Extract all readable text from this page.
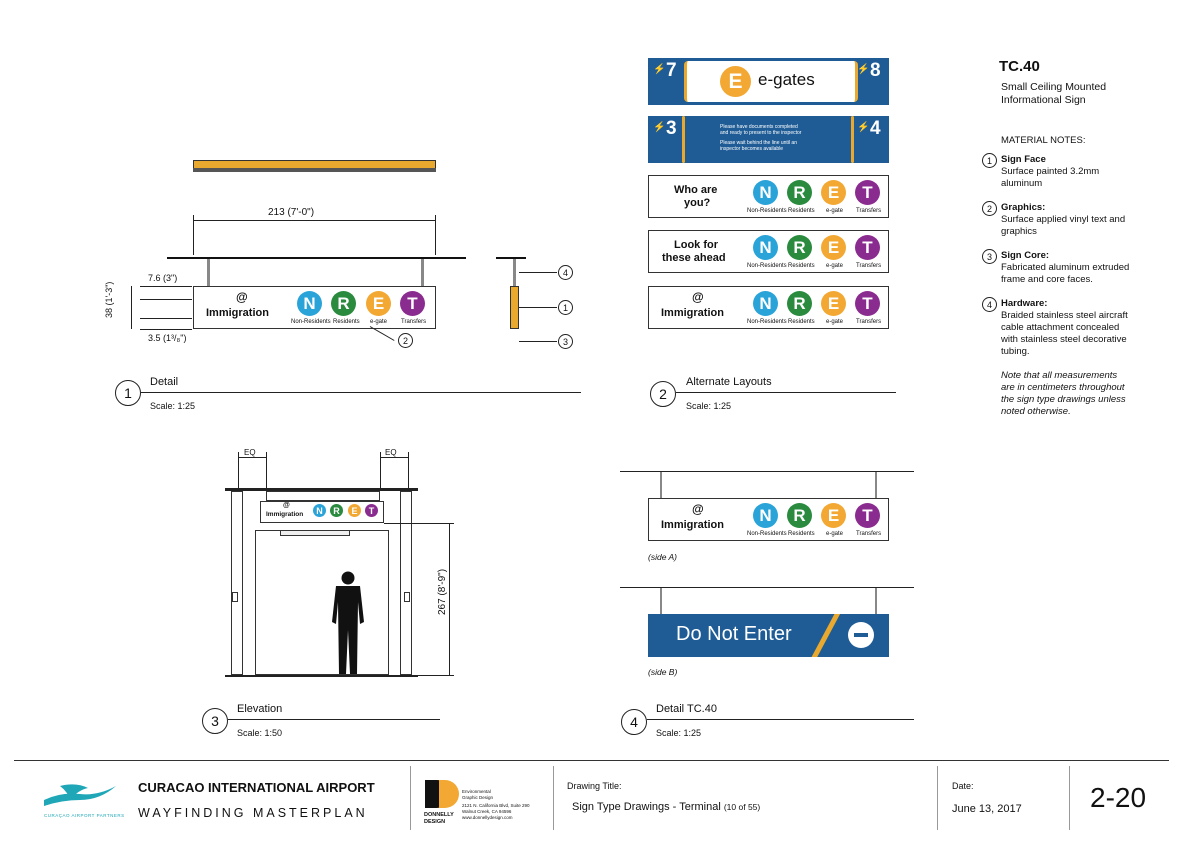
213 (7'-0")
@
Immigration
N	R	E	T
Non-Residents Residents e-gate Transfers
38 (1'-3")
7.6 (3")
3.5 (1³/₈")	2
4
1
3
1
Detail
Scale: 1:25
⚡ 7	⚡ 8
E e-gates
⚡ 3	⚡ 4
Please have documents completed
and ready to present to the inspector
Please wait behind the line until an
inspector becomes available
Who are
you?
N	R	E	T
Non-Residents Residents e-gate Transfers
Look for
these ahead
N	R	E	T
Non-Residents Residents e-gate Transfers
@
Immigration
N	R	E	T
Non-Residents Residents e-gate Transfers
2
Alternate Layouts
Scale: 1:25
TC.40
Small Ceiling Mounted
Informational Sign
MATERIAL NOTES:
1 Sign Face
Surface painted 3.2mm
aluminum
2 Graphics:
Surface applied vinyl text and
graphics
3 Sign Core:
Fabricated aluminum extruded
frame and core faces.
4 Hardware:
Braided stainless steel aircraft
cable attachment concealed
with stainless steel decorative
tubing.
Note that all measurements
are in centimeters throughout
the sign type drawings unless
noted otherwise.
EQ	EQ
@
Immigration	N	R	E	T
267 (8'-9")
3
Elevation
Scale: 1:50
@
Immigration
N	R	E	T
Non-Residents Residents e-gate Transfers
(side A)
Do Not Enter
(side B)
4
Detail TC.40
Scale: 1:25
CURAÇAO AIRPORT PARTNERS
CURACAO INTERNATIONAL AIRPORT
WAYFINDING MASTERPLAN	DONNELLY
DESIGN
Environmental
Graphic Design
2121 N. California Blvd, Suite 290
Walnut Creek, CA 94596
www.donnellydesign.com
Drawing Title:
Sign Type Drawings - Terminal (10 of 55)
Date:
June 13, 2017 2-20
